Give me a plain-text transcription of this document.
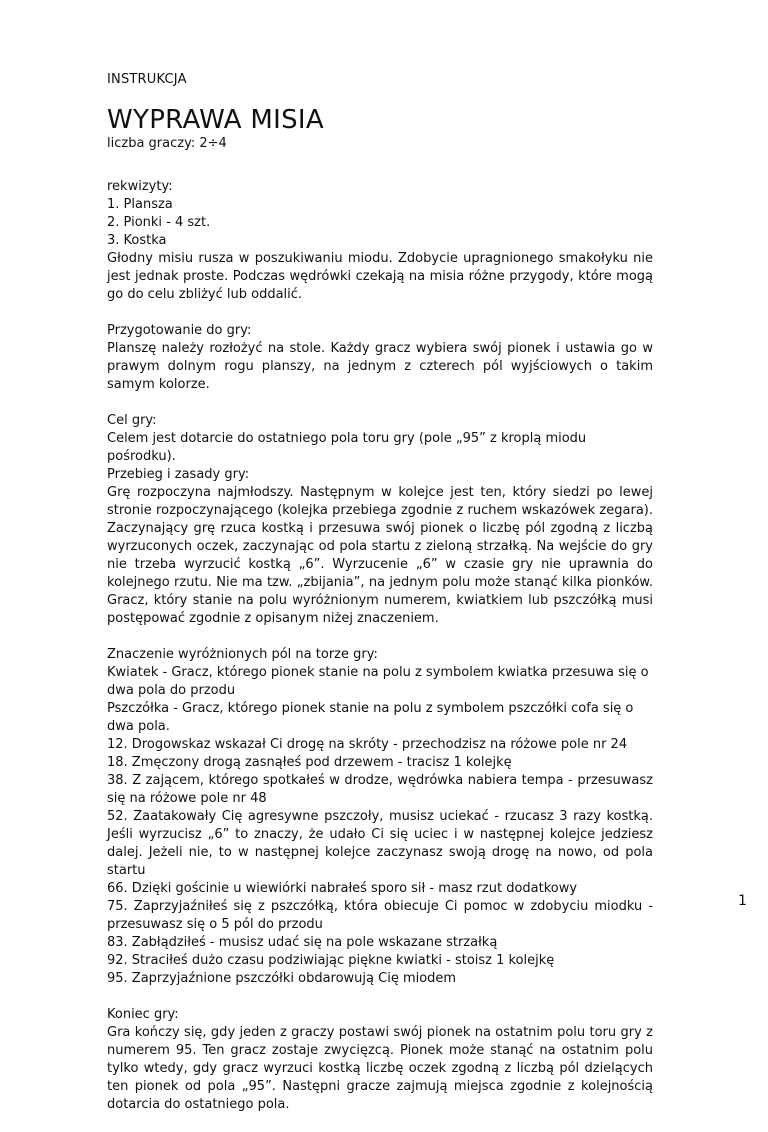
INSTRUKCJA
WYPRAWA MISIA
liczba graczy: 2÷4

rekwizyty:
1. Plansza
2. Pionki - 4 szt.
3. Kostka
Głodny misiu rusza w poszukiwaniu miodu. Zdobycie upragnionego smakołyku nie jest jednak proste. Podczas wędrówki czekają na misia różne przygody, które mogą go do celu zbliżyć lub oddalić.

Przygotowanie do gry:
Planszę należy rozłożyć na stole. Każdy gracz wybiera swój pionek i ustawia go w prawym dolnym rogu planszy, na jednym z czterech pól wyjściowych o takim samym kolorze.

Cel gry:
Celem jest dotarcie do ostatniego pola toru gry (pole „95” z kroplą miodu pośrodku).
Przebieg i zasady gry:
Grę rozpoczyna najmłodszy. Następnym w kolejce jest ten, który siedzi po lewej stronie rozpoczynającego (kolejka przebiega zgodnie z ruchem wskazówek zegara). Zaczynający grę rzuca kostką i przesuwa swój pionek o liczbę pól zgodną z liczbą wyrzuconych oczek, zaczynając od pola startu z zieloną strzałką. Na wejście do gry nie trzeba wyrzucić kostką „6”. Wyrzucenie „6” w czasie gry nie uprawnia do kolejnego rzutu. Nie ma tzw. „zbijania”, na jednym polu może stanąć kilka pionków. Gracz, który stanie na polu wyróżnionym numerem, kwiatkiem lub pszczółką musi postępować zgodnie z opisanym niżej znaczeniem.

Znaczenie wyróżnionych pól na torze gry:
Kwiatek - Gracz, którego pionek stanie na polu z symbolem kwiatka przesuwa się o dwa pola do przodu
Pszczółka - Gracz, którego pionek stanie na polu z symbolem pszczółki cofa się o dwa pola.
12. Drogowskaz wskazał Ci drogę na skróty - przechodzisz na różowe pole nr 24
18. Zmęczony drogą zasnąłeś pod drzewem - tracisz 1 kolejkę
38. Z zającem, którego spotkałeś w drodze, wędrówka nabiera tempa - przesuwasz się na różowe pole nr 48
52. Zaatakowały Cię agresywne pszczoły, musisz uciekać - rzucasz 3 razy kostką. Jeśli wyrzucisz „6” to znaczy, że udało Ci się uciec i w następnej kolejce jedziesz dalej. Jeżeli nie, to w następnej kolejce zaczynasz swoją drogę na nowo, od pola startu
66. Dzięki gościnie u wiewiórki nabrałeś sporo sił - masz rzut dodatkowy
75. Zaprzyjaźniłeś się z pszczółką, która obiecuje Ci pomoc w zdobyciu miodku - przesuwasz się o 5 pól do przodu
83. Zabłądziłeś - musisz udać się na pole wskazane strzałką
92. Straciłeś dużo czasu podziwiając piękne kwiatki - stoisz 1 kolejkę
95. Zaprzyjaźnione pszczółki obdarowują Cię miodem

Koniec gry:
Gra kończy się, gdy jeden z graczy postawi swój pionek na ostatnim polu toru gry z numerem 95. Ten gracz zostaje zwycięzcą. Pionek może stanąć na ostatnim polu tylko wtedy, gdy gracz wyrzuci kostką liczbę oczek zgodną z liczbą pól dzielących ten pionek od pola „95”. Następni gracze zajmują miejsca zgodnie z kolejnością dotarcia do ostatniego pola.

1
